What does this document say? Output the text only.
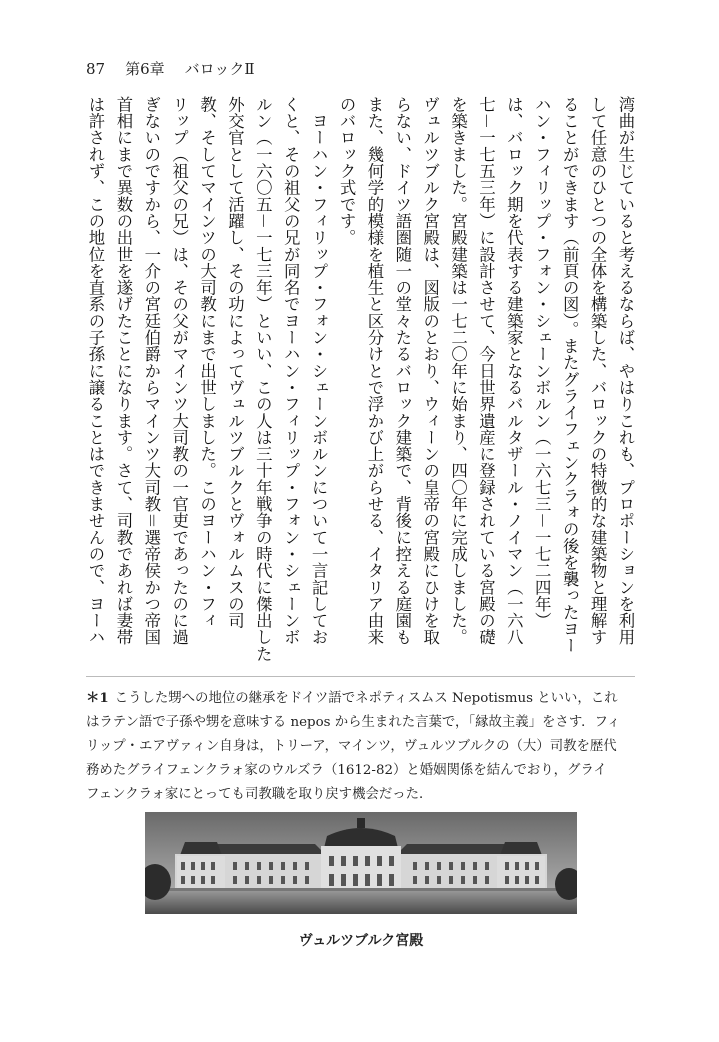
87 第6章 バロックⅡ
湾曲が生じていると考えるならば、やはりこれも、プロポーションを利用
して任意のひとつの全体を構築した、バロックの特徴的な建築物と理解す
ることができます（前頁の図）。またグライフェンクラォの後を襲ったヨー
ハン・フィリップ・フォン・シェーンボルン（一六七三－一七二四年）
は、バロック期を代表する建築家となるバルタザール・ノイマン（一六八
七－一七五三年）に設計させて、今日世界遺産に登録されている宮殿の礎
を築きました。宮殿建築は一七二〇年に始まり、四〇年に完成しました。
ヴュルツブルク宮殿は、図版のとおり、ウィーンの皇帝の宮殿にひけを取
らない、ドイツ語圏随一の堂々たるバロック建築で、背後に控える庭園も
また、幾何学的模様を植生と区分けとで浮かび上がらせる、イタリア由来
のバロック式です。
　ヨーハン・フィリップ・フォン・シェーンボルンについて一言記してお
くと、その祖父の兄が同名でヨーハン・フィリップ・フォン・シェーンボ
ルン（一六〇五－一七三年）といい、この人は三十年戦争の時代に傑出した
外交官として活躍し、その功によってヴュルツブルクとヴォルムスの司
教、そしてマインツの大司教にまで出世しました。このヨーハン・フィ
リップ（祖父の兄）は、その父がマインツ大司教の一官吏であったのに過
ぎないのですから、一介の宮廷伯爵からマインツ大司教＝選帝侯かつ帝国
首相にまで異数の出世を遂げたことになります。さて、司教であれば妻帯
は許されず、この地位を直系の子孫に譲ることはできませんので、ヨーハ
＊1 こうした甥への地位の継承をドイツ語でネポティスムス Nepotismus といい，これ
はラテン語で子孫や甥を意味する nepos から生まれた言葉で，「縁故主義」をさす．フィ
リップ・エアヴァィン自身は，トリーア，マインツ，ヴュルツブルクの（大）司教を歴代
務めたグライフェンクラォ家のウルズラ（1612-82）と婚姻関係を結んでおり，グライ
フェンクラォ家にとっても司教職を取り戻す機会だった．
ヴュルツブルク宮殿
